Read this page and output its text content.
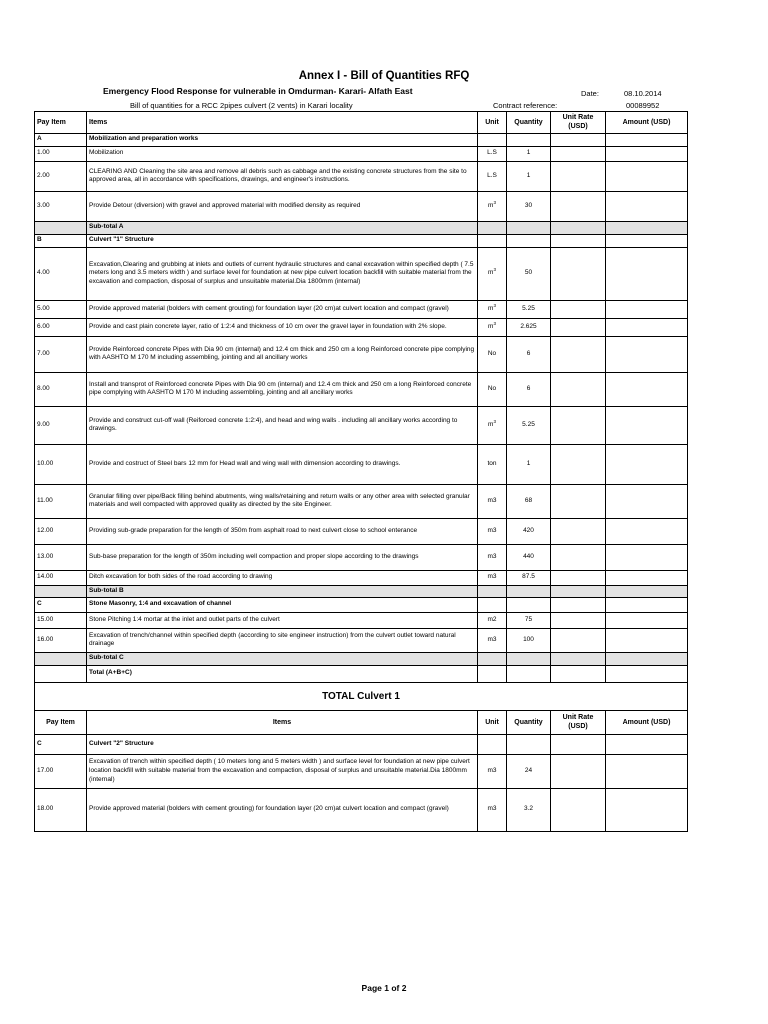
Annex I - Bill of Quantities RFQ
Emergency Flood Response for vulnerable in Omdurman- Karari- Alfath East
Bill of quantities for a RCC 2pipes culvert (2 vents) in Karari locality
Date:	08.10.2014
Contract reference:	00089952
Pay Item	Items	Unit	Quantity	Unit Rate (USD)	Amount (USD)
A	Mobilization and preparation works				
1.00	Mobilization	L.S	1		
2.00	CLEARING AND Cleaning the site area and remove all debris such as cabbage and the existing concrete structures from the site to approved area, all in accordance with specifications, drawings, and engineer's instructions.	L.S	1		
3.00	Provide Detour (diversion) with gravel and approved material with modified density as required	$m^3$	30		
	Sub-total A				
B	Culvert "1" Structure				
4.00	Excavation,Clearing and grubbing at inlets and outlets of current hydraulic structures and canal excavation within specified depth ( 7.5 meters long and 3.5 meters width ) and surface level for foundation at new pipe culvert location backfill with suitable material from the excavation and compaction, disposal of surplus and unsuitable material.Dia 1800mm (internal)	$m^3$	50		
5.00	Provide approved material (bolders with cement grouting) for foundation layer (20 cm)at culvert location and compact (gravel)	$m^3$	5.25		
6.00	Provide and cast plain concrete layer, ratio of 1:2:4 and thickness of 10 cm over the gravel layer in foundation with 2% slope.	$m^3$	2.625		
7.00	Provide Reinforced concrete Pipes with Dia 90 cm (internal) and 12.4 cm thick and 250 cm a long Reinforced concrete pipe complying with AASHTO M 170 M including assembling, jointing and all ancillary works	No	6		
8.00	Install and transprot of Reinforced concrete Pipes with Dia 90 cm (internal) and 12.4 cm thick and 250 cm a long Reinforced concrete pipe complying with AASHTO M 170 M including assembling, jointing and all ancillary works	No	6		
9.00	Provide and construct cut-off wall (Reiforced concrete 1:2:4), and head and wing walls . including all ancillary works according to drawings.	$m^3$	5.25		
10.00	Provide and costruct of Steel bars 12 mm for Head wall and wing wall with dimension according to drawings.	ton	1		
11.00	Granular filling over pipe/Back filling behind abutments, wing walls/retaining and return walls or any other area with selected granular materials and well compacted with approved quality as directed by the site Engineer.	m3	68		
12.00	Providing sub-grade preparation for the length of 350m from asphalt road to next culvert close to school enterance	m3	420		
13.00	Sub-base preparation for the length of 350m including well compaction and proper slope according to the drawings	m3	440		
14.00	Ditch excavation for both sides of the road according to drawing	m3	87.5		
	Sub-total B				
C	Stone Masonry, 1:4 and excavation of channel				
15.00	Stone Pitching 1:4 mortar at the inlet and outlet parts of the culvert	m2	75		
16.00	Excavation of trench/channel within specified depth (according to site engineer instruction) from the culvert outlet toward natural drainage	m3	100		
	Sub-total C				
	Total (A+B+C)				
TOTAL Culvert 1					
Pay Item	Items	Unit	Quantity	Unit Rate (USD)	Amount (USD)
C	Culvert "2" Structure				
17.00	Excavation of trench within specified depth ( 10 meters long and 5 meters width ) and surface level for foundation at new pipe culvert location backfill with suitable material from the excavation and compaction, disposal of surplus and unsuitable material.Dia 1800mm (internal)	m3	24		
18.00	Provide approved material (bolders with cement grouting) for foundation layer (20 cm)at culvert location and compact (gravel)	m3	3.2		
Page 1 of 2
